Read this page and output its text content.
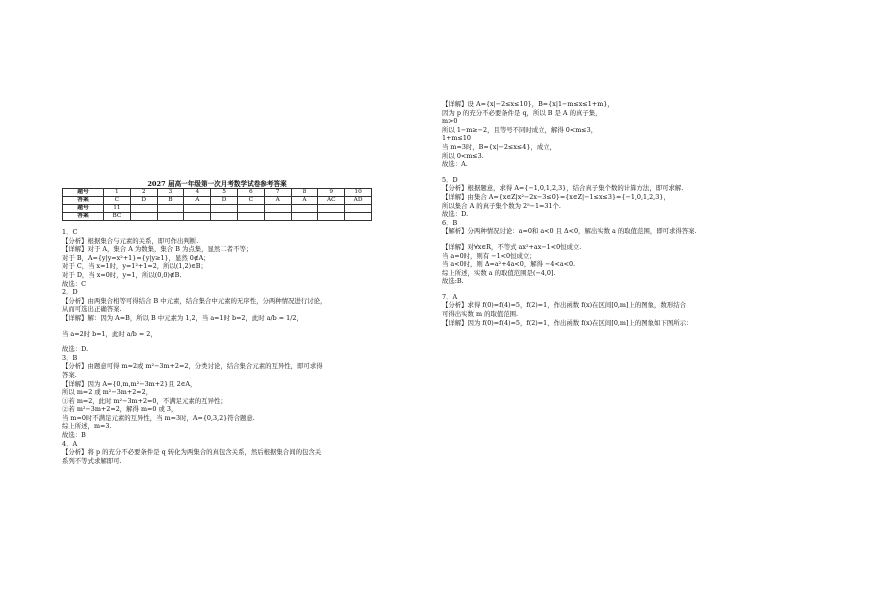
2027 届高一年级第一次月考数学试卷参考答案
题号	1	2	3	4	5	6	7	8	9	10
答案	C	D	B	A	D	C	A	A	AC	AD
题号	11									
答案	BC									
1．C
【分析】根据集合与元素的关系，即可作出判断.
【详解】对于 A，集合 A 为数集，集合 B 为点集，显然二者不等；
对于 B，A={y|y=x²+1}={y|y≥1}，显然 0∉A；
对于 C，当 x=1时，y=1²+1=2，所以(1,2)∈B；
对于 D，当 x=0时，y=1，所以(0,0)∉B.
故选：C
2．D
【分析】由两集合相等可得结合 B 中元素，结合集合中元素的无序性，分两种情况进行讨论，
从而可选出正确答案.
【详解】解：因为 A=B，所以 B 中元素为 1,2，当 a=1时 b=2，此时 a/b = 1/2，
当 a=2时 b=1，此时 a/b = 2，
故选：D.
3．B
【分析】由题意可得 m=2或 m²−3m+2=2，分类讨论，结合集合元素的互异性，即可求得
答案.
【详解】因为 A={0,m,m²−3m+2}且 2∈A，
所以 m=2 或 m²−3m+2=2，
①若 m=2，此时 m²−3m+2=0，不满足元素的互异性；
②若 m²−3m+2=2，解得 m=0 或 3，
当 m=0时不满足元素的互异性，当 m=3时，A={0,3,2}符合题意.
综上所述，m=3.
故选：B
4．A
【分析】将 p 的充分不必要条件是 q 转化为两集合的真包含关系，然后根据集合间的包含关
系列不等式求解即可.
【详解】设 A={x|−2≤x≤10}，B={x|1−m≤x≤1+m}，
因为 p 的充分不必要条件是 q，所以 B 是 A 的真子集，
m>0
所以 1−m≥−2，且等号不同时成立，解得 0<m≤3，
1+m≤10
当 m=3时，B={x|−2≤x≤4}，成立，
所以 0<m≤3.
故选：A.
5．D
【分析】根据题意，求得 A={−1,0,1,2,3}，结合真子集个数的计算方法，即可求解.
【详解】由集合 A={x∈Z|x²−2x−3≤0}={x∈Z|−1≤x≤3}={−1,0,1,2,3}，
所以集合 A 的真子集个数为 2⁵−1=31个.
故选：D.
6．B
【解析】分两种情况讨论：a=0和 a<0 且 Δ<0，解出实数 a 的取值范围，即可求得答案.
【详解】对∀x∈R，不等式 ax²+ax−1<0恒成立.
当 a=0时，则有 −1<0恒成立；
当 a<0时，则 Δ=a²+4a<0，解得 −4<a<0.
综上所述，实数 a 的取值范围是(−4,0].
故选:B.
7．A
【分析】求得 f(0)=f(4)=5，f(2)=1，作出函数 f(x)在区间[0,m]上的图象，数形结合
可得出实数 m 的取值范围.
【详解】因为 f(0)=f(4)=5，f(2)=1，作出函数 f(x)在区间[0,m]上的图象如下图所示：
